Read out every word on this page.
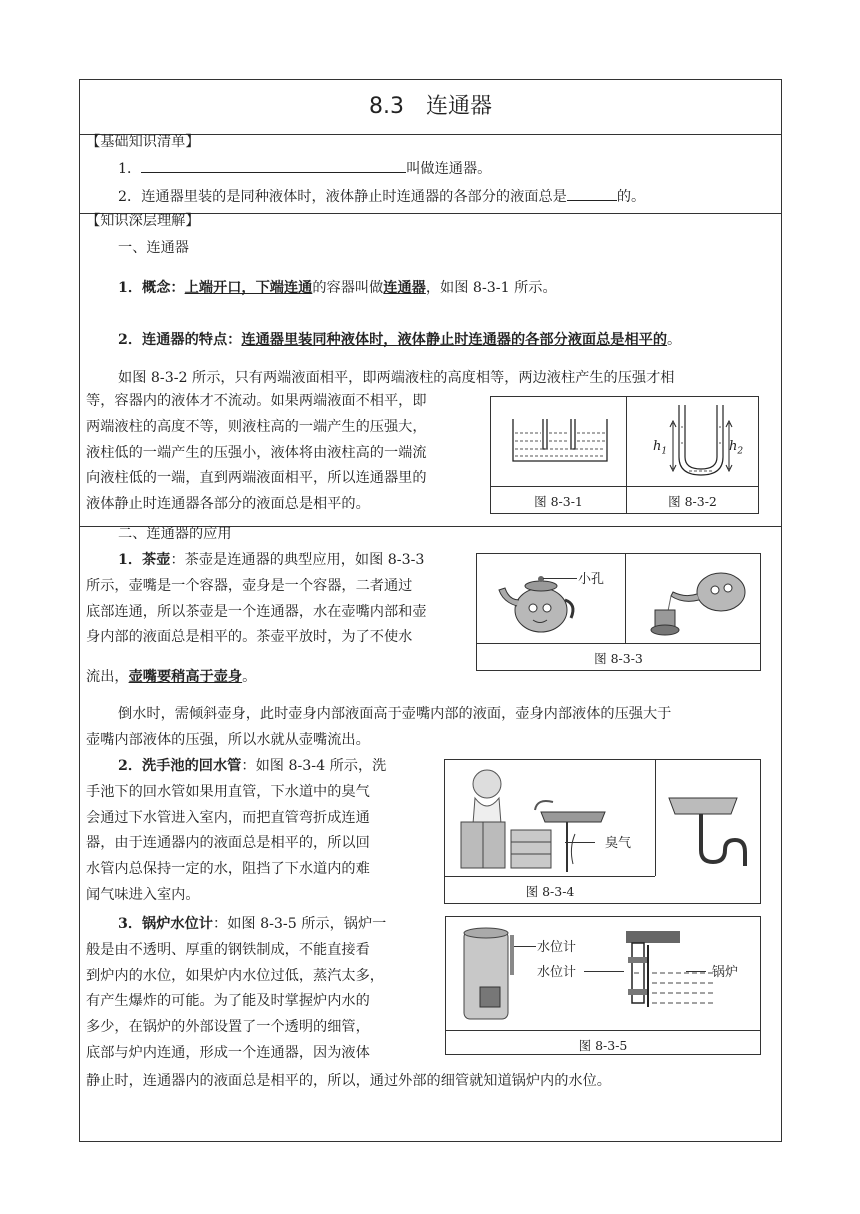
8.3　连通器
【基础知识清单】
1．	叫做连通器。
2．连通器里装的是同种液体时，液体静止时连通器的各部分的液面总是	的。
【知识深层理解】
一、连通器
1．概念：上端开口，下端连通的容器叫做连通器，如图 8-3-1 所示。
2．连通器的特点：连通器里装同种液体时，液体静止时连通器的各部分液面总是相平的。
如图 8-3-2 所示，只有两端液面相平，即两端液柱的高度相等，两边液柱产生的压强才相
等，容器内的液体才不流动。如果两端液面不相平，即
两端液柱的高度不等，则液柱高的一端产生的压强大，
液柱低的一端产生的压强小，液体将由液柱高的一端流
向液柱低的一端，直到两端液面相平，所以连通器里的
液体静止时连通器各部分的液面总是相平的。
$h_1$	$h_2$
图 8-3-1	图 8-3-2
二、连通器的应用
1．茶壶：茶壶是连通器的典型应用，如图 8-3-3
所示，壶嘴是一个容器，壶身是一个容器，二者通过
底部连通，所以茶壶是一个连通器，水在壶嘴内部和壶
身内部的液面总是相平的。茶壶平放时，为了不使水
流出，壶嘴要稍高于壶身。
小孔
图 8-3-3
倒水时，需倾斜壶身，此时壶身内部液面高于壶嘴内部的液面，壶身内部液体的压强大于
壶嘴内部液体的压强，所以水就从壶嘴流出。
2．洗手池的回水管：如图 8-3-4 所示，洗
手池下的回水管如果用直管，下水道中的臭气
会通过下水管进入室内，而把直管弯折成连通
器，由于连通器内的液面总是相平的，所以回
水管内总保持一定的水，阻挡了下水道内的难
闻气味进入室内。
臭气
图 8-3-4
3．锅炉水位计：如图 8-3-5 所示，锅炉一
般是由不透明、厚重的钢铁制成，不能直接看
到炉内的水位，如果炉内水位过低，蒸汽太多，
有产生爆炸的可能。为了能及时掌握炉内水的
多少，在锅炉的外部设置了一个透明的细管，
底部与炉内连通，形成一个连通器，因为液体
静止时，连通器内的液面总是相平的，所以，通过外部的细管就知道锅炉内的水位。
水位计
水位计	锅炉
图 8-3-5
